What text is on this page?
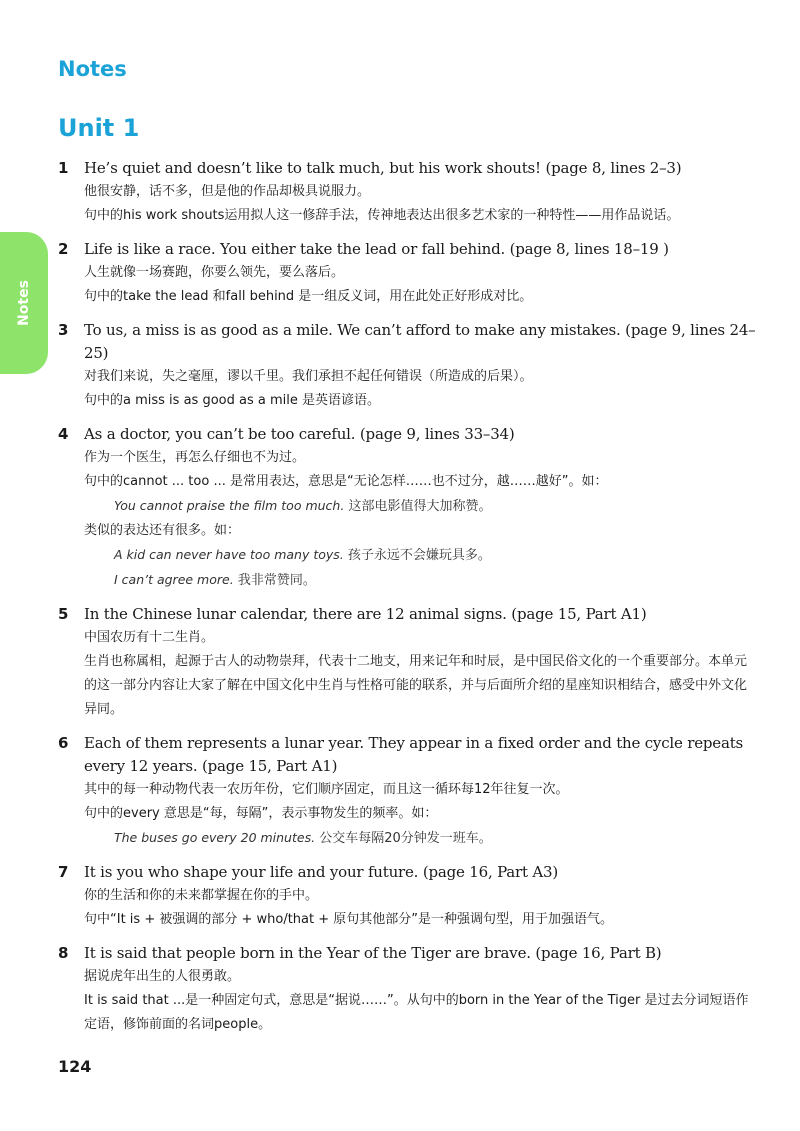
Notes
Unit 1
Notes
1	He’s quiet and doesn’t like to talk much, but his work shouts! (page 8, lines 2–3)
他很安静，话不多，但是他的作品却极具说服力。
句中的his work shouts运用拟人这一修辞手法，传神地表达出很多艺术家的一种特性——用作品说话。
2	Life is like a race. You either take the lead or fall behind. (page 8, lines 18–19 )
人生就像一场赛跑，你要么领先，要么落后。
句中的take the lead 和fall behind 是一组反义词，用在此处正好形成对比。
3	To us, a miss is as good as a mile. We can’t afford to make any mistakes. (page 9, lines 24–25)
对我们来说，失之毫厘，谬以千里。我们承担不起任何错误（所造成的后果）。
句中的a miss is as good as a mile 是英语谚语。
4	As a doctor, you can’t be too careful. (page 9, lines 33–34)
作为一个医生，再怎么仔细也不为过。
句中的cannot ... too ... 是常用表达，意思是“无论怎样……也不过分，越……越好”。如：
You cannot praise the film too much. 这部电影值得大加称赞。
类似的表达还有很多。如：
A kid can never have too many toys. 孩子永远不会嫌玩具多。
I can’t agree more. 我非常赞同。
5	In the Chinese lunar calendar, there are 12 animal signs. (page 15, Part A1)
中国农历有十二生肖。
生肖也称属相，起源于古人的动物崇拜，代表十二地支，用来记年和时辰，是中国民俗文化的一个重要部分。本单元的这一部分内容让大家了解在中国文化中生肖与性格可能的联系，并与后面所介绍的星座知识相结合，感受中外文化异同。
6	Each of them represents a lunar year. They appear in a fixed order and the cycle repeats every 12 years. (page 15, Part A1)
其中的每一种动物代表一农历年份，它们顺序固定，而且这一循环每12年往复一次。
句中的every 意思是“每，每隔”，表示事物发生的频率。如：
The buses go every 20 minutes. 公交车每隔20分钟发一班车。
7	It is you who shape your life and your future. (page 16, Part A3)
你的生活和你的未来都掌握在你的手中。
句中“It is + 被强调的部分 + who/that + 原句其他部分”是一种强调句型，用于加强语气。
8	It is said that people born in the Year of the Tiger are brave. (page 16, Part B)
据说虎年出生的人很勇敢。
It is said that ...是一种固定句式，意思是“据说……”。从句中的born in the Year of the Tiger 是过去分词短语作定语，修饰前面的名词people。
124
